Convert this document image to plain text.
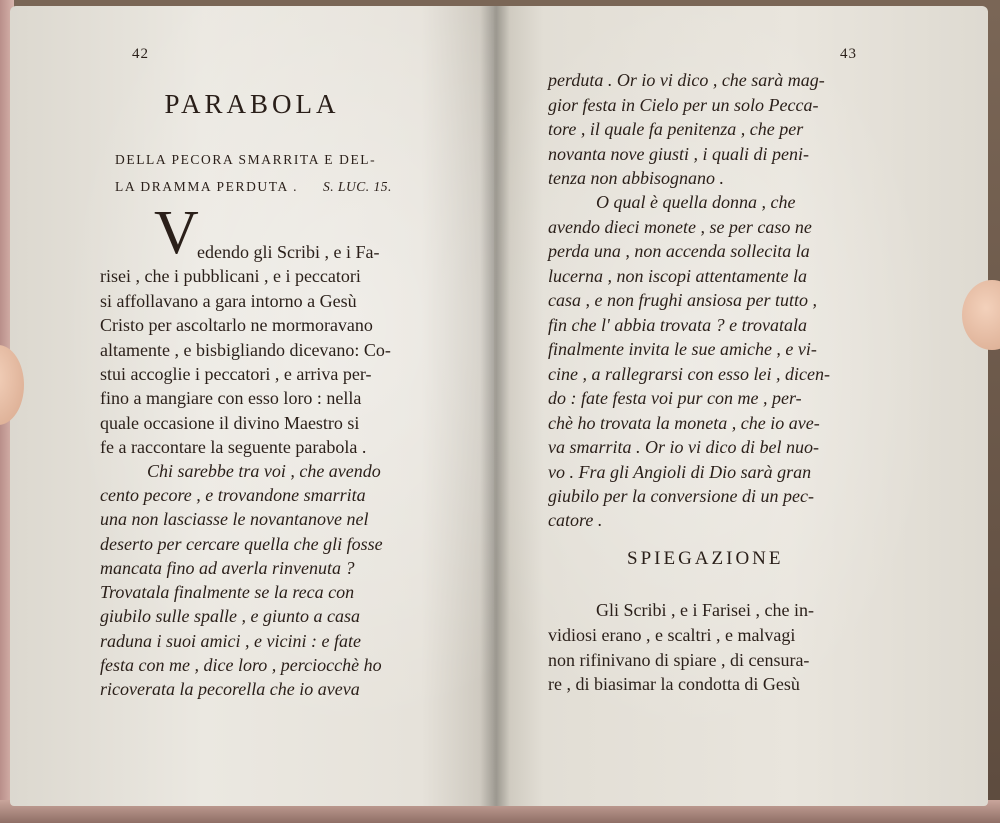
42
PARABOLA
DELLA PECORA SMARRITA E DEL-
LA DRAMMA PERDUTA . S. LUC. 15.
V
edendo gli Scribi , e i Fa-
risei , che i pubblicani , e i peccatori
si affollavano a gara intorno a Gesù
Cristo per ascoltarlo ne mormoravano
altamente , e bisbigliando dicevano: Co-
stui accoglie i peccatori , e arriva per-
fino a mangiare con esso loro : nella
quale occasione il divino Maestro si
fe a raccontare la seguente parabola .
Chi sarebbe tra voi , che avendo
cento pecore , e trovandone smarrita
una non lasciasse le novantanove nel
deserto per cercare quella che gli fosse
mancata fino ad averla rinvenuta ?
Trovatala finalmente se la reca con
giubilo sulle spalle , e giunto a casa
raduna i suoi amici , e vicini : e fate
festa con me , dice loro , perciocchè ho
ricoverata la pecorella che io aveva
43
perduta . Or io vi dico , che sarà mag-
gior festa in Cielo per un solo Pecca-
tore , il quale fa penitenza , che per
novanta nove giusti , i quali di peni-
tenza non abbisognano .
O qual è quella donna , che
avendo dieci monete , se per caso ne
perda una , non accenda sollecita la
lucerna , non iscopi attentamente la
casa , e non frughi ansiosa per tutto ,
fin che l' abbia trovata ? e trovatala
finalmente invita le sue amiche , e vi-
cine , a rallegrarsi con esso lei , dicen-
do : fate festa voi pur con me , per-
chè ho trovata la moneta , che io ave-
va smarrita . Or io vi dico di bel nuo-
vo . Fra gli Angioli di Dio sarà gran
giubilo per la conversione di un pec-
catore .
SPIEGAZIONE
Gli Scribi , e i Farisei , che in-
vidiosi erano , e scaltri , e malvagi
non rifinivano di spiare , di censura-
re , di biasimar la condotta di Gesù
